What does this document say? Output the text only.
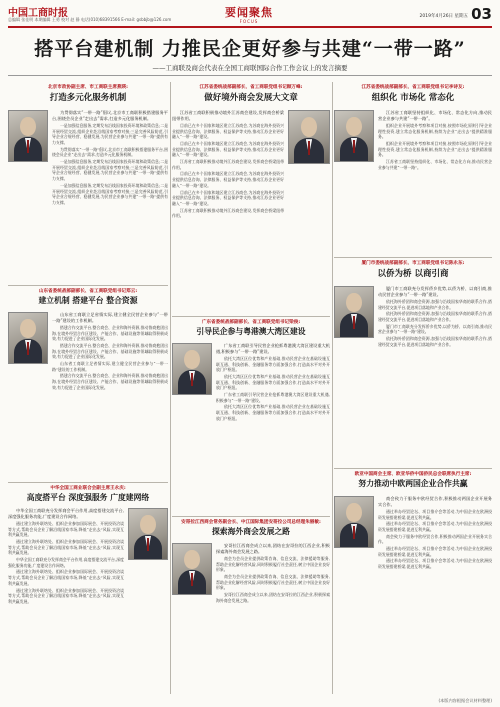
中国工商时报
总编辑 张佳明 本期编辑 王勇 校对 赵 静 电话(010)68391566 E-mail: gsbbjb@126.com
要闻聚焦
FOCUS
2019年4月26日 星期五 03
搭平台建机制 力推民企更好参与共建“一带一路”
——工商联及商会代表在全国工商联国际合作工作会议上的发言摘要
北京市政协副主席、市工商联主席燕瑛:
打造多元化服务机制

为贯彻落实“一带一路”倡议,北京市工商联积极搭建服务平台,围绕会员企业“走出去”需求,打造多元化服务机制。

一是加强信息服务,定期发布沿线国家投资环境和政策信息;二是开展经贸交流,组织企业赴沿线国家考察对接;三是完善风险防范,引导企业合规经营、稳健发展,为民营企业参与共建“一带一路”提供有力支撑。

为贯彻落实“一带一路”倡议,北京市工商联积极搭建服务平台,围绕会员企业“走出去”需求,打造多元化服务机制。

一是加强信息服务,定期发布沿线国家投资环境和政策信息;二是开展经贸交流,组织企业赴沿线国家考察对接;三是完善风险防范,引导企业合规经营、稳健发展,为民营企业参与共建“一带一路”提供有力支撑。

一是加强信息服务,定期发布沿线国家投资环境和政策信息;二是开展经贸交流,组织企业赴沿线国家考察对接;三是完善风险防范,引导企业合规经营、稳健发展,为民营企业参与共建“一带一路”提供有力支撑。

山东省委统战部副部长、省工商联党组书记郑云:
建立机制 搭建平台 整合资源

山东省工商联立足省情实际,建立健全民营企业参与“一带一路”建设的工作机制。

搭建合作交流平台,整合商会、企业和海外资源,推动鲁商抱团出海,在境外经贸合作区建设、产能合作、基础设施等领域取得积极成效,有力促进了企业国际化发展。

搭建合作交流平台,整合商会、企业和海外资源,推动鲁商抱团出海,在境外经贸合作区建设、产能合作、基础设施等领域取得积极成效,有力促进了企业国际化发展。

山东省工商联立足省情实际,建立健全民营企业参与“一带一路”建设的工作机制。

搭建合作交流平台,整合商会、企业和海外资源,推动鲁商抱团出海,在境外经贸合作区建设、产能合作、基础设施等领域取得积极成效,有力促进了企业国际化发展。

中华全国工商业联合会副主席王永庆:
高度搭平台 深度强服务 广度建网络

中华全国工商联充分发挥商会平台作用,高度搭建交流平台,深度强化服务功能,广度建设合作网络。

通过建立海外联络处、组织企业参加国际展会、开展投资洽谈等方式,帮助会员企业了解沿线国家市场,降低“走出去”风险,实现互利共赢发展。

通过建立海外联络处、组织企业参加国际展会、开展投资洽谈等方式,帮助会员企业了解沿线国家市场,降低“走出去”风险,实现互利共赢发展。

中华全国工商联充分发挥商会平台作用,高度搭建交流平台,深度强化服务功能,广度建设合作网络。

通过建立海外联络处、组织企业参加国际展会、开展投资洽谈等方式,帮助会员企业了解沿线国家市场,降低“走出去”风险,实现互利共赢发展。

通过建立海外联络处、组织企业参加国际展会、开展投资洽谈等方式,帮助会员企业了解沿线国家市场,降低“走出去”风险,实现互利共赢发展。

江苏省委统战部副部长、省工商联党组书记顾万峰:
做好境外商会发展大文章

江苏省工商联积极推动境外江苏商会建设,发挥商会桥梁纽带作用。

目前已在多个国家和地区建立江苏商会,为苏商在海外投资兴业提供信息咨询、法律服务、权益保护等支持,推动江苏企业更好融入“一带一路”建设。

目前已在多个国家和地区建立江苏商会,为苏商在海外投资兴业提供信息咨询、法律服务、权益保护等支持,推动江苏企业更好融入“一带一路”建设。

江苏省工商联积极推动境外江苏商会建设,发挥商会桥梁纽带作用。

目前已在多个国家和地区建立江苏商会,为苏商在海外投资兴业提供信息咨询、法律服务、权益保护等支持,推动江苏企业更好融入“一带一路”建设。

目前已在多个国家和地区建立江苏商会,为苏商在海外投资兴业提供信息咨询、法律服务、权益保护等支持,推动江苏企业更好融入“一带一路”建设。

江苏省工商联积极推动境外江苏商会建设,发挥商会桥梁纽带作用。

广东省委统战部副部长、省工商联党组书记梁俊:
引导民企参与粤港澳大湾区建设

广东省工商联引导民营企业抢抓粤港澳大湾区建设重大机遇,积极参与“一带一路”建设。

依托大湾区区位优势和产业基础,推动民营企业在基础设施互联互通、科技创新、金融服务等方面加强合作,打造高水平对外开放门户枢纽。

依托大湾区区位优势和产业基础,推动民营企业在基础设施互联互通、科技创新、金融服务等方面加强合作,打造高水平对外开放门户枢纽。

广东省工商联引导民营企业抢抓粤港澳大湾区建设重大机遇,积极参与“一带一路”建设。

依托大湾区区位优势和产业基础,推动民营企业在基础设施互联互通、科技创新、金融服务等方面加强合作,打造高水平对外开放门户枢纽。

安哥拉江西商会常务副会长、中江国际集团安哥拉公司总经理朱丽敏:
探索海外商会发展之路

安哥拉江西商会成立以来,团结在安哥拉的江西企业,积极探索海外商会发展之路。

商会为会员企业提供政策咨询、信息交流、法律援助等服务,帮助企业化解经营风险,同时积极履行社会责任,树立中国企业良好形象。

商会为会员企业提供政策咨询、信息交流、法律援助等服务,帮助企业化解经营风险,同时积极履行社会责任,树立中国企业良好形象。

安哥拉江西商会成立以来,团结在安哥拉的江西企业,积极探索海外商会发展之路。

江苏省委统战部副部长、省工商联党组书记李诗友:
组织化 市场化 常态化

江苏省工商联坚持组织化、市场化、常态化方向,推动民营企业参与共建“一带一路”。

组织企业开展境外考察和项目对接,按照市场化原则引导企业理性投资,建立常态化服务机制,持续为企业“走出去”提供精准服务。

组织企业开展境外考察和项目对接,按照市场化原则引导企业理性投资,建立常态化服务机制,持续为企业“走出去”提供精准服务。

江苏省工商联坚持组织化、市场化、常态化方向,推动民营企业参与共建“一带一路”。

厦门市委统战部副部长、市工商联党组书记陈永东:
以侨为桥 以商引商

厦门市工商联充分发挥侨乡优势,以侨为桥、以商引商,推动民营企业参与“一带一路”建设。

依托海外侨团和商会资源,加强与沿线国家华商的联系合作,搭建经贸交流平台,促进项目落地和产业合作。

依托海外侨团和商会资源,加强与沿线国家华商的联系合作,搭建经贸交流平台,促进项目落地和产业合作。

厦门市工商联充分发挥侨乡优势,以侨为桥、以商引商,推动民营企业参与“一带一路”建设。

依托海外侨团和商会资源,加强与沿线国家华商的联系合作,搭建经贸交流平台,促进项目落地和产业合作。

欧亚中国商会主席、欧亚华侨中国侨民总会联席执行主席:
努力推动中欧两国企业合作共赢

商会致力于服务中欧经贸合作,积极推动两国企业开展务实合作。

通过举办经贸论坛、项目推介会等活动,为中国企业在欧洲投资发展搭建桥梁,促进互利共赢。

通过举办经贸论坛、项目推介会等活动,为中国企业在欧洲投资发展搭建桥梁,促进互利共赢。

商会致力于服务中欧经贸合作,积极推动两国企业开展务实合作。

通过举办经贸论坛、项目推介会等活动,为中国企业在欧洲投资发展搭建桥梁,促进互利共赢。

通过举办经贸论坛、项目推介会等活动,为中国企业在欧洲投资发展搭建桥梁,促进互利共赢。

(本版内容根据会议材料整理)
